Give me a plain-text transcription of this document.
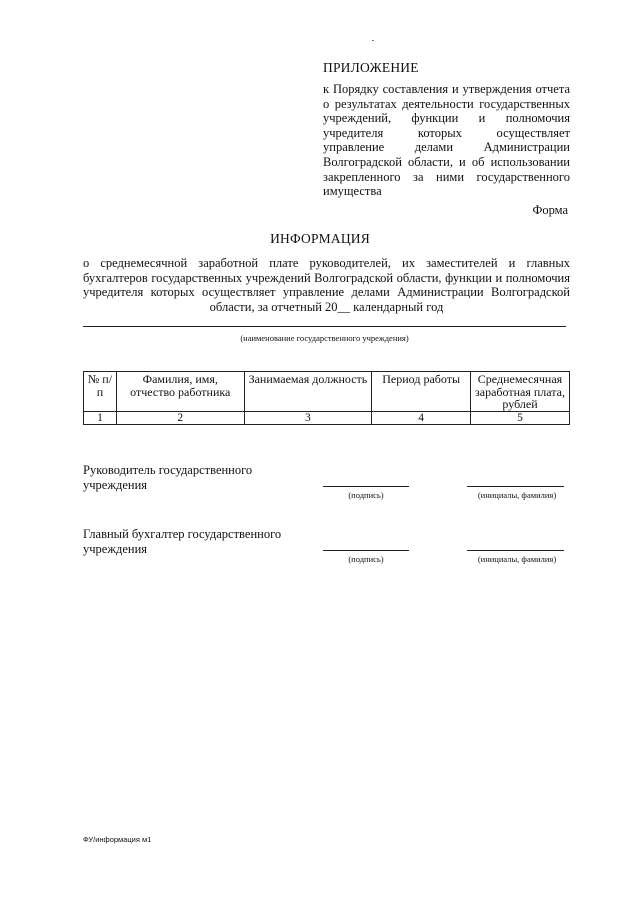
ПРИЛОЖЕНИЕ
к Порядку составления и утверждения отчета о результатах деятельности государственных учреждений, функции и полномочия учредителя которых осуществляет управление делами Администрации Волгоградской области, и об использовании закрепленного за ними государственного имущества
Форма
ИНФОРМАЦИЯ
о среднемесячной заработной плате руководителей, их заместителей и главных бухгалтеров государственных учреждений Волгоградской области, функции и полномочия учредителя которых осуществляет управление делами Администрации Волгоградской области, за отчетный 20__ календарный год
(наименование государственного учреждения)
№ п/п	Фамилия, имя, отчество работника	Занимаемая должность	Период работы	Среднемесячная заработная плата, рублей
1	2	3	4	5
Руководитель государственного учреждения
(подпись)	(инициалы, фамилия)
Главный бухгалтер государственного учреждения
(подпись)	(инициалы, фамилия)
ФУ/информация м1
